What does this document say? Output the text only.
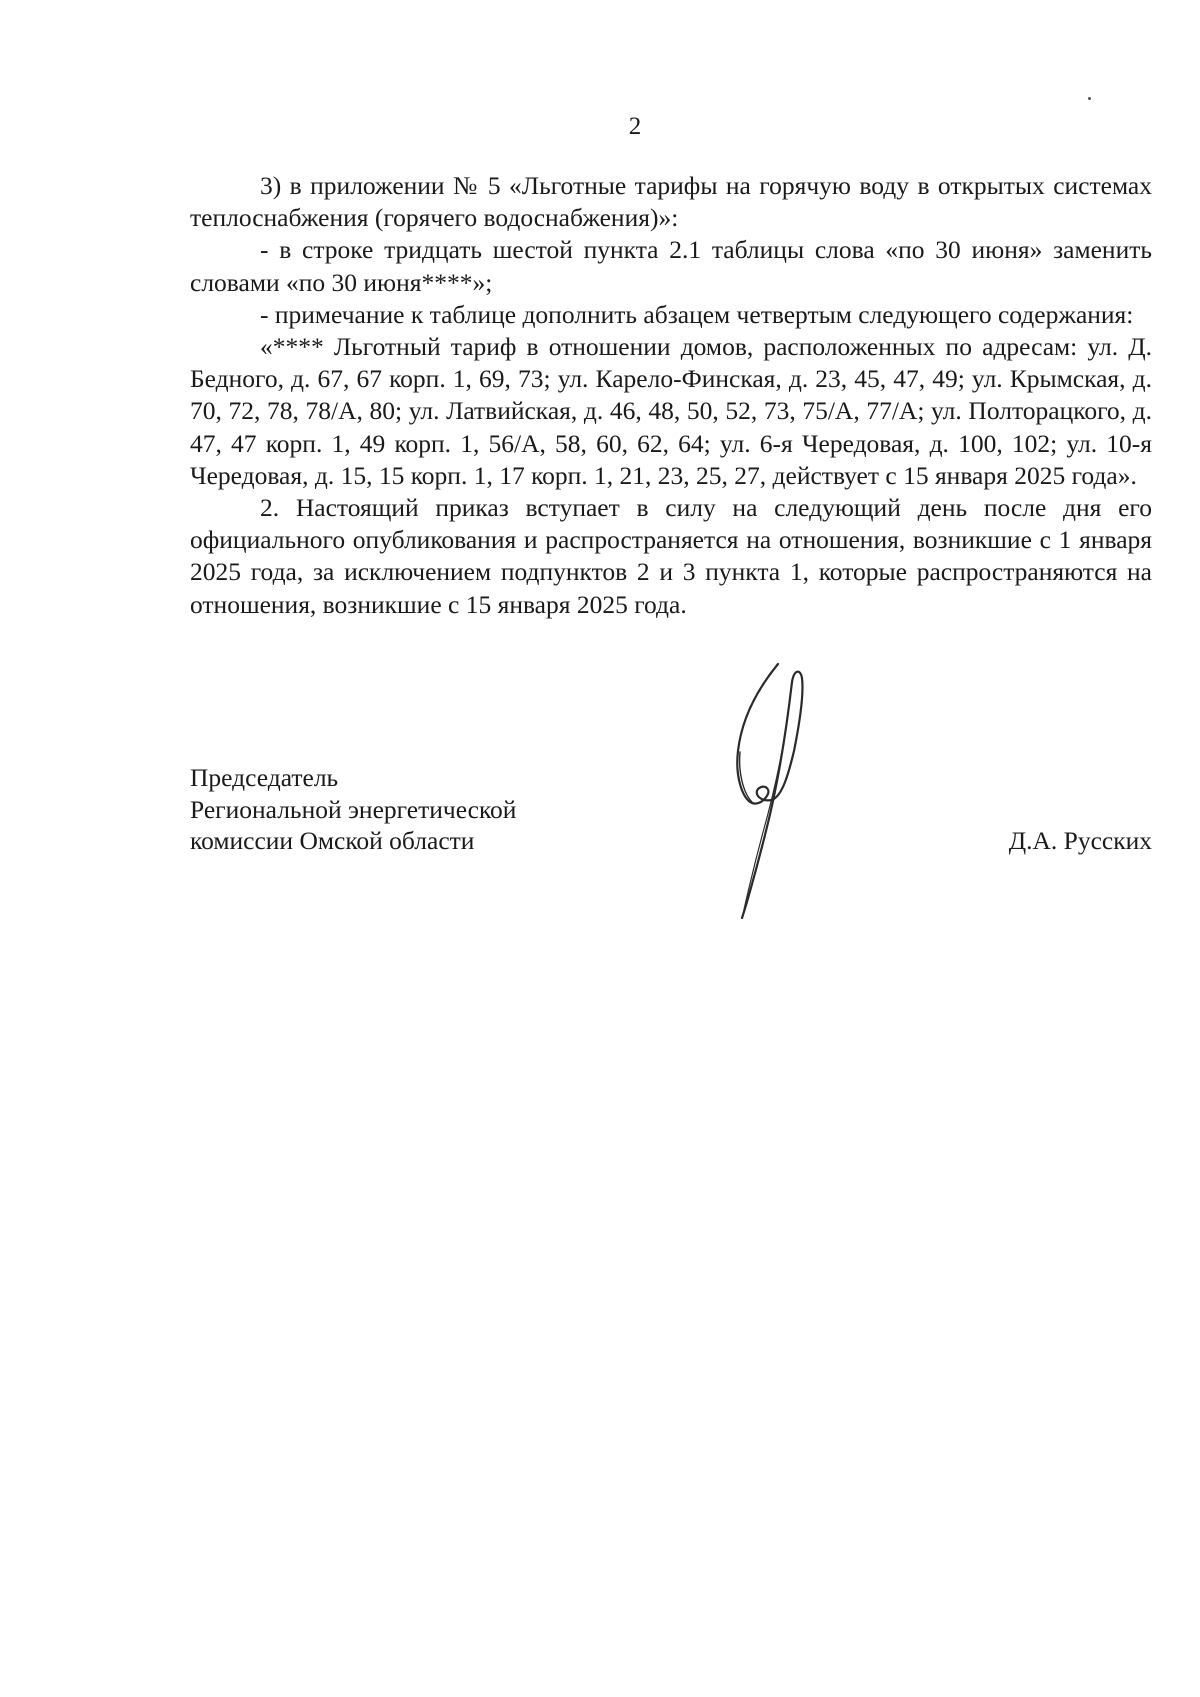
2

3) в приложении № 5 «Льготные тарифы на горячую воду в открытых системах теплоснабжения (горячего водоснабжения)»:

- в строке тридцать шестой пункта 2.1 таблицы слова «по 30 июня» заменить словами «по 30 июня****»;

- примечание к таблице дополнить абзацем четвертым следующего содержания:

«**** Льготный тариф в отношении домов, расположенных по адресам: ул. Д. Бедного, д. 67, 67 корп. 1, 69, 73; ул. Карело-Финская, д. 23, 45, 47, 49; ул. Крымская, д. 70, 72, 78, 78/А, 80; ул. Латвийская, д. 46, 48, 50, 52, 73, 75/А, 77/А; ул. Полторацкого, д. 47, 47 корп. 1, 49 корп. 1, 56/А, 58, 60, 62, 64; ул. 6-я Чередовая, д. 100, 102; ул. 10-я Чередовая, д. 15, 15 корп. 1, 17 корп. 1, 21, 23, 25, 27, действует с 15 января 2025 года».

2. Настоящий приказ вступает в силу на следующий день после дня его официального опубликования и распространяется на отношения, возникшие с 1 января 2025 года, за исключением подпунктов 2 и 3 пункта 1, которые распространяются на отношения, возникшие с 15 января 2025 года.

Председатель
Региональной энергетической
комиссии Омской области	Д.А. Русских
